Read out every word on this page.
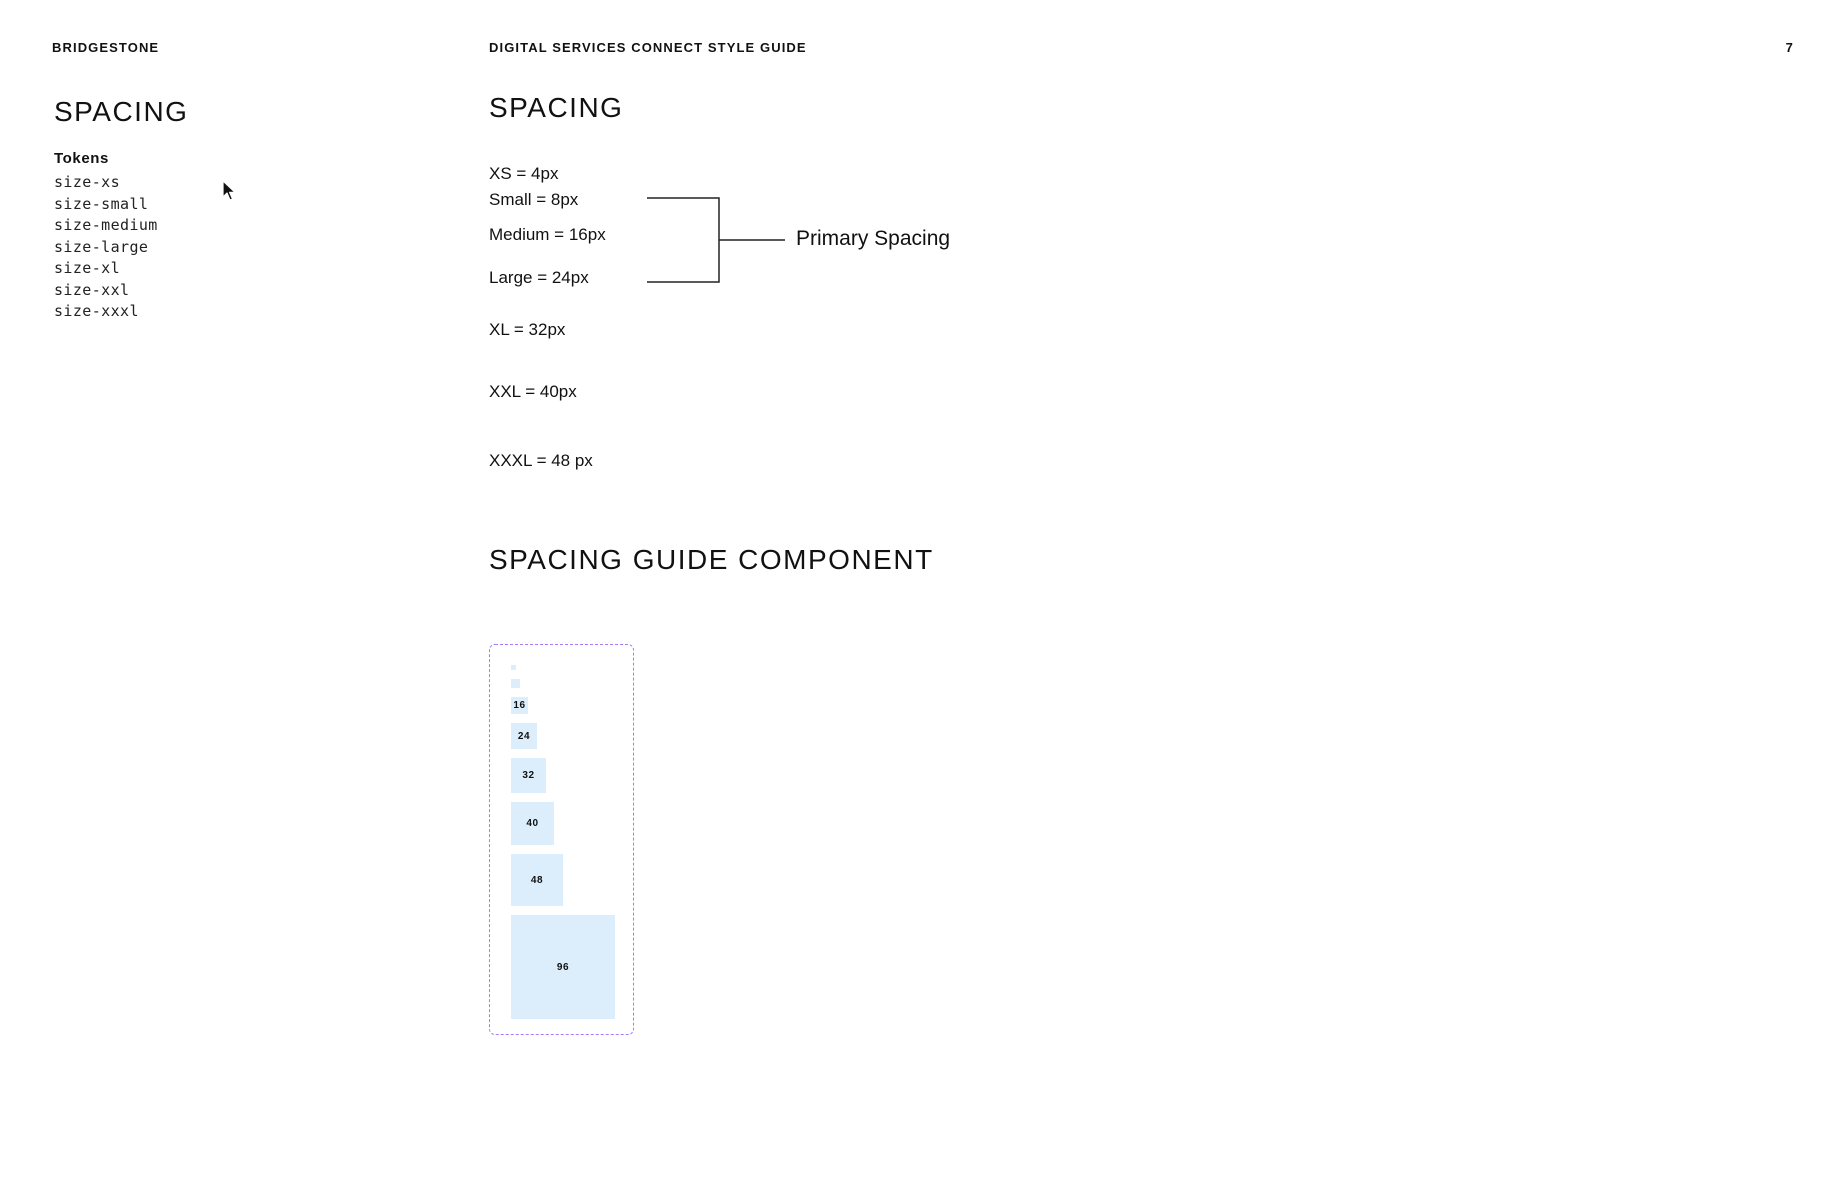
BRIDGESTONE	DIGITAL SERVICES CONNECT STYLE GUIDE	7
SPACING
Tokens
size-xs
size-small
size-medium
size-large
size-xl
size-xxl
size-xxxl
SPACING
XS = 4px
Small = 8px
Medium = 16px
Large = 24px
XL = 32px
XXL = 40px
XXXL = 48 px
Primary Spacing
SPACING GUIDE COMPONENT
16
24
32
40
48
96
